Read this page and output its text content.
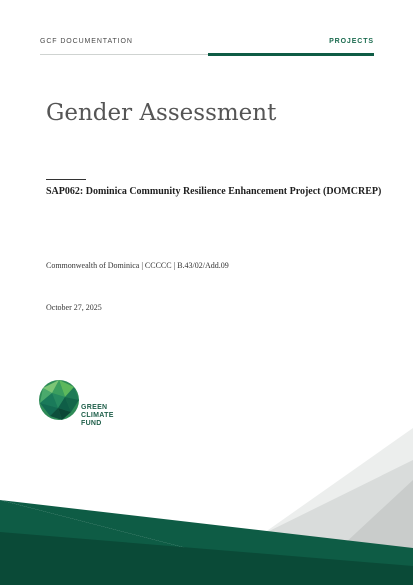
GCF DOCUMENTATION	PROJECTS
Gender Assessment
SAP062: Dominica Community Resilience Enhancement Project (DOMCREP)
Commonwealth of Dominica | CCCCC | B.43/02/Add.09
October 27, 2025
GREEN
CLIMATE
FUND
